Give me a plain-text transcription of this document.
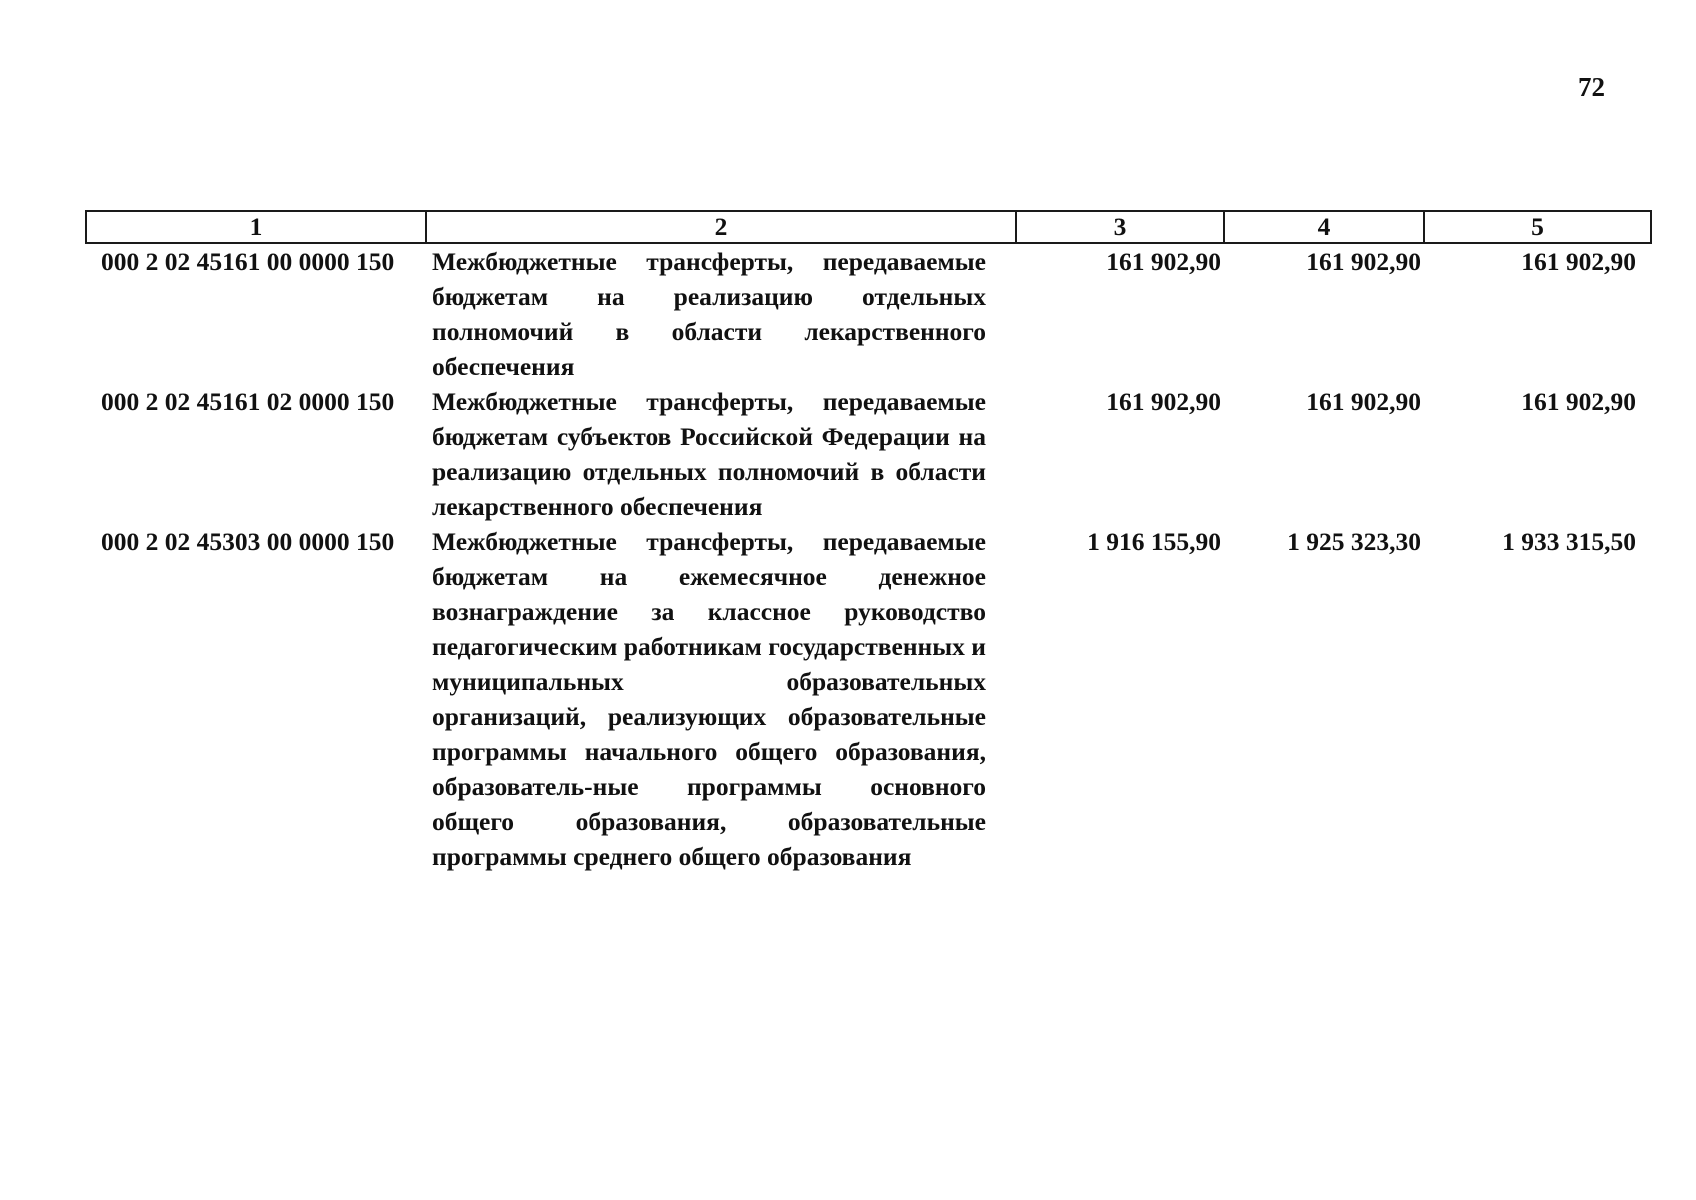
72
1	2	3	4	5
000 2 02 45161 00 0000 150	Межбюджетные трансферты, передаваемые бюджетам на реализацию отдельных полномочий в области лекарственного обеспечения	161 902,90	161 902,90	161 902,90
000 2 02 45161 02 0000 150	Межбюджетные трансферты, передаваемые бюджетам субъектов Российской Федерации на реализацию отдельных полномочий в области лекарственного обеспечения	161 902,90	161 902,90	161 902,90
000 2 02 45303 00 0000 150	Межбюджетные трансферты, передаваемые бюджетам на ежемесячное денежное вознаграждение за классное руководство педагогическим работникам государственных и муниципальных образовательных организаций, реализующих образовательные программы начального общего образования, образователь-ные программы основного общего образования, образовательные программы среднего общего образования	1 916 155,90	1 925 323,30	1 933 315,50
